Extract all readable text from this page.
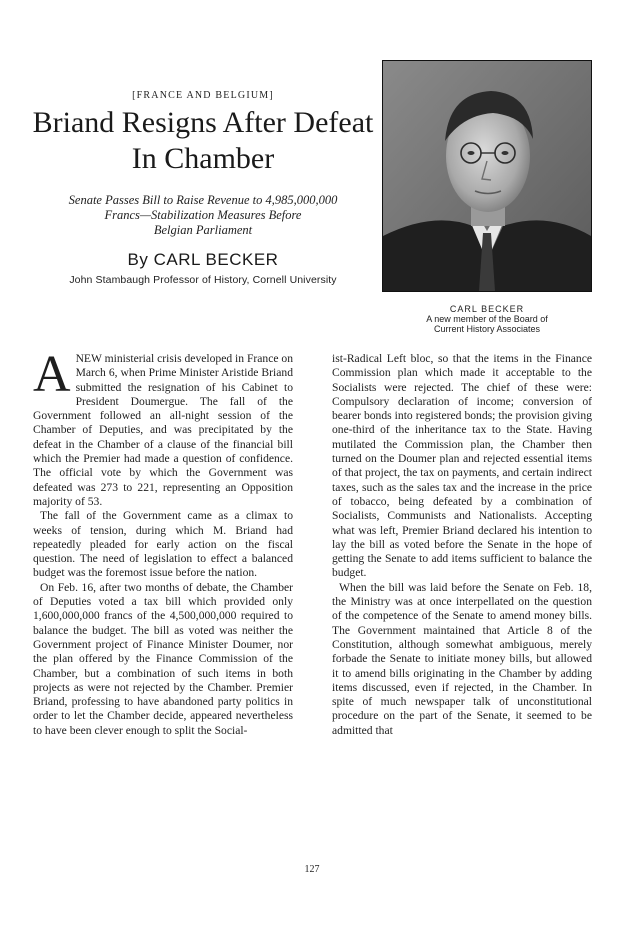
[FRANCE AND BELGIUM]
Briand Resigns After Defeat
In Chamber
Senate Passes Bill to Raise Revenue to 4,985,000,000
Francs—Stabilization Measures Before
Belgian Parliament
By CARL BECKER
John Stambaugh Professor of History, Cornell University
CARL BECKER
A new member of the Board of
Current History Associates

ANEW ministerial crisis developed in France on March 6, when Prime Minister Aristide Briand submitted the resignation of his Cabinet to President Doumergue. The fall of the Government followed an all-night session of the Chamber of Deputies, and was precipitated by the defeat in the Chamber of a clause of the financial bill which the Premier had made a question of confidence. The official vote by which the Government was defeated was 273 to 221, representing an Opposition majority of 53.

The fall of the Government came as a climax to weeks of tension, during which M. Briand had repeatedly pleaded for early action on the fiscal question. The need of legislation to effect a balanced budget was the foremost issue before the nation.

On Feb. 16, after two months of debate, the Chamber of Deputies voted a tax bill which provided only 1,600,000,000 francs of the 4,500,000,000 required to balance the budget. The bill as voted was neither the Government project of Finance Minister Doumer, nor the plan offered by the Finance Commission of the Chamber, but a combination of such items in both projects as were not rejected by the Chamber. Premier Briand, professing to have abandoned party politics in order to let the Chamber decide, appeared nevertheless to have been clever enough to split the Social-

ist-Radical Left bloc, so that the items in the Finance Commission plan which made it acceptable to the Socialists were rejected. The chief of these were: Compulsory declaration of income; conversion of bearer bonds into registered bonds; the provision giving one-third of the inheritance tax to the State. Having mutilated the Commission plan, the Chamber then turned on the Doumer plan and rejected essential items of that project, the tax on payments, and certain indirect taxes, such as the sales tax and the increase in the price of tobacco, being defeated by a combination of Socialists, Communists and Nationalists. Accepting what was left, Premier Briand declared his intention to lay the bill as voted before the Senate in the hope of getting the Senate to add items sufficient to balance the budget.

When the bill was laid before the Senate on Feb. 18, the Ministry was at once interpellated on the question of the competence of the Senate to amend money bills. The Government maintained that Article 8 of the Constitution, although somewhat ambiguous, merely forbade the Senate to initiate money bills, but allowed it to amend bills originating in the Chamber by adding items discussed, even if rejected, in the Chamber. In spite of much newspaper talk of unconstitutional procedure on the part of the Senate, it seemed to be admitted that

127
